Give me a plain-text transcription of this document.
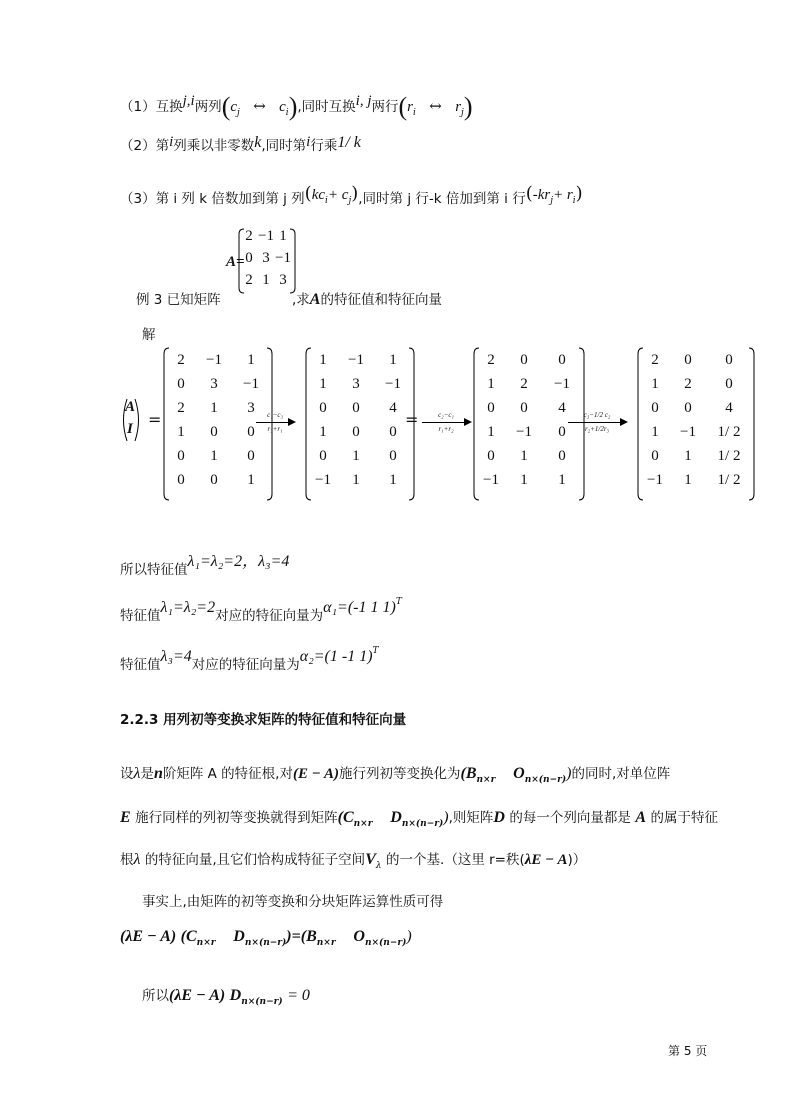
（1）互换j,i两列($c_j$ ↔ $c_i$),同时互换i, j两行($r_i$ ↔ $r_j$)
（2）第i列乘以非零数k,同时第i行乘1/ k
（3）第 i 列 k 倍数加到第 j 列(kci+ cj),同时第 j 行-k 倍加到第 i 行(-krj+ ri)
A=
2 −1 1
0 3 −1
2 1 3
例 3 已知矩阵	,求A的特征值和特征向量
解
A
I =
2	−1	1
0	3	−1
2	1	3
1	0	0
0	1	0
0	0	1
1	−1	1
1	3	−1
0	0	4
1	0	0
0	1	0
−1	1	1
2	0	0
1	2	−1
0	0	4
1	−1	0
0	1	0
−1	1	1
2	0	0
1	2	0
0	0	4
1	−1	1/ 2
0	1	1/ 2
−1	1	1/ 2
c₁−c₃
r₃+r₁	=	c₂−c₁
r₁+r₂
c₃−1/2 c₂
r₂+1/2r₃
所以特征值λ₁=λ₂=2，λ₃=4
特征值λ₁=λ₂=2对应的特征向量为α₁=(-1 1 1)$^T$
特征值λ₃=4对应的特征向量为α₂=(1 -1 1)$^T$
2.2.3 用列初等变换求矩阵的特征值和特征向量
设λ是n阶矩阵 A 的特征根,对(E − A)施行列初等变换化为($B_{n\times r}$ $O_{n\times(n-r)}$)的同时,对单位阵
E 施行同样的列初等变换就得到矩阵($C_{n\times r}$ $D_{n\times(n-r)}$),则矩阵D 的每一个列向量都是 A 的属于特征
根λ 的特征向量,且它们恰构成特征子空间$V_\lambda$ 的一个基.（这里 r=秩(λE − A)）
事实上,由矩阵的初等变换和分块矩阵运算性质可得
(λE − A) ($C_{n\times r}$ $D_{n\times(n-r)})=(B_{n\times r}$ $O_{n\times(n-r)}$)
所以(λE − A) $D_{n\times(n-r)} = 0$
第 5 页
